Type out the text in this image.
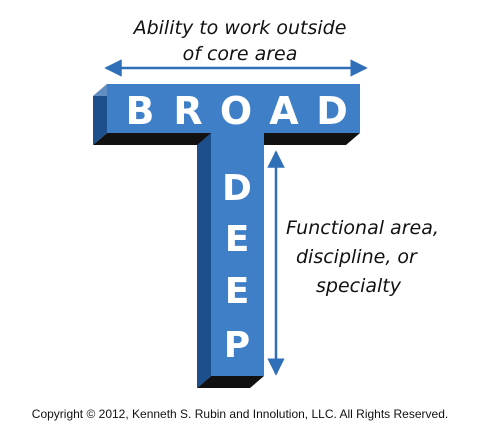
Ability to work outside
of core area
B R O A D
D
E
E
P
Functional area,
discipline, or
specialty
Copyright © 2012, Kenneth S. Rubin and Innolution, LLC. All Rights Reserved.
